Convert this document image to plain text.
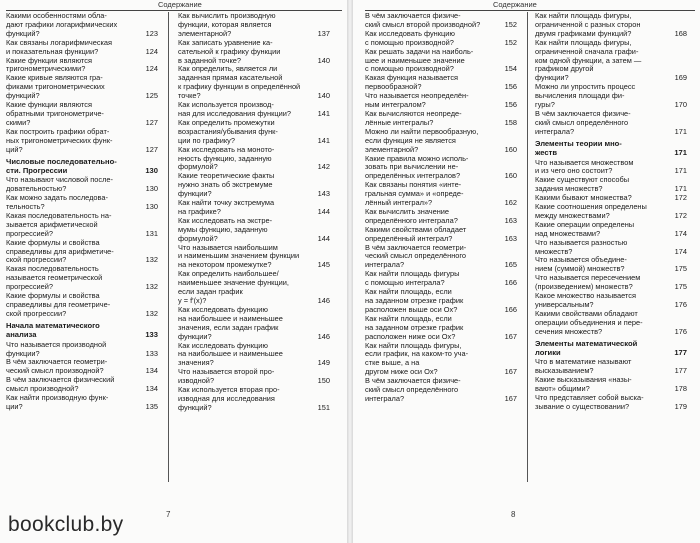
Содержание
Какими особенностями обла-
дают графики логарифмических
123
функций?
Как связаны логарифмическая
124
и показательная функции?
Какие функции являются
124
тригонометрическими?
Какие кривые являются гра-
фиками тригонометрических
125
функций?
Какие функции являются
обратными тригонометриче-
127
скими?
Как построить графики обрат-
ных тригонометрических функ-
127
ций?
Числовые последовательно-
130
сти. Прогрессии
Что называют числовой после-
130
довательностью?
Как можно задать последова-
130
тельность?
Какая последовательность на-
зывается арифметической
131
прогрессией?
Какие формулы и свойства
справедливы для арифметиче-
132
ской прогрессии?
Какая последовательность
называется геометрической
132
прогрессией?
Какие формулы и свойства
справедливы для геометриче-
132
ской прогрессии?
Начала математического
133
анализа
Что называется производной
133
функции?
В чём заключается геометри-
134
ческий смысл производной?
В чём заключается физический
134
смысл производной?
Как найти производную функ-
135
ции?
Как вычислить производную
функции, которая является
137
элементарной?
Как записать уравнение ка-
сательной к графику функции
140
в заданной точке?
Как определить, является ли
заданная прямая касательной
к графику функции в определённой
140
точке?
Как используется производ-
141
ная для исследования функции?
Как определить промежутки
возрастания/убывания функ-
141
ции по графику?
Как исследовать на моното-
нность функцию, заданную
142
формулой?
Какие теоретические факты
нужно знать об экстремуме
143
функции?
Как найти точку экстремума
144
на графике?
Как исследовать на экстре-
мумы функцию, заданную
144
формулой?
Что называется наибольшим
и наименьшим значением функции
145
на некотором промежутке?
Как определить наибольшее/
наименьшее значение функции,
если задан график
146
y = f'(x)?
Как исследовать функцию
на наибольшее и наименьшее
значения, если задан график
146
функции?
Как исследовать функцию
на наибольшее и наименьшее
149
значения?
Что называется второй про-
150
изводной?
Как используется вторая про-
изводная для исследования
151
функций?
7
Содержание
В чём заключается физиче-
152
ский смысл второй производной?
Как исследовать функцию
152
с помощью производной?
Как решать задачи на наиболь-
шее и наименьшее значение
154
с помощью производной?
Какая функция называется
156
первообразной?
Что называется неопределён-
156
ным интегралом?
Как вычисляются неопреде-
158
лённые интегралы?
Можно ли найти первообразную,
если функция не является
160
элементарной?
Какие правила можно исполь-
зовать при вычислении не-
160
определённых интегралов?
Как связаны понятия «инте-
гральная сумма» и «опреде-
162
лённый интеграл»?
Как вычислить значение
163
определённого интеграла?
Какими свойствами обладает
163
определённый интеграл?
В чём заключается геометри-
ческий смысл определённого
165
интеграла?
Как найти площадь фигуры
166
с помощью интеграла?
Как найти площадь, если
на заданном отрезке график
166
расположен выше оси Ox?
Как найти площадь, если
на заданном отрезке график
167
расположен ниже оси Ox?
Как найти площадь фигуры,
если график, на каком-то уча-
стке выше, а на
167
другом ниже оси Ox?
В чём заключается физиче-
ский смысл определённого
167
интеграла?
Как найти площадь фигуры,
ограниченной с разных сторон
168
двумя графиками функций?
Как найти площадь фигуры,
ограниченной сначала графи-
ком одной функции, а затем —
графиком другой
169
функции?
Можно ли упростить процесс
вычисления площади фи-
170
гуры?
В чём заключается физиче-
ский смысл определённого
171
интеграла?
Элементы теории мно-
171
жеств
Что называется множеством
171
и из чего оно состоит?
Какие существуют способы
171
задания множеств?
172
Какими бывают множества?
Какие соотношения определены
172
между множествами?
Какие операции определены
174
над множествами?
Что называется разностью
174
множеств?
Что называется объедине-
175
нием (суммой) множеств?
Что называется пересечением
175
(произведением) множеств?
Какое множество называется
176
универсальным?
Какими свойствами обладают
операции объединения и пере-
176
сечения множеств?
Элементы математической
177
логики
Что в математике называют
177
высказыванием?
Какие высказывания «назы-
178
вают» общими?
Что представляет собой выска-
179
зывание о существовании?
8
bookclub.by
